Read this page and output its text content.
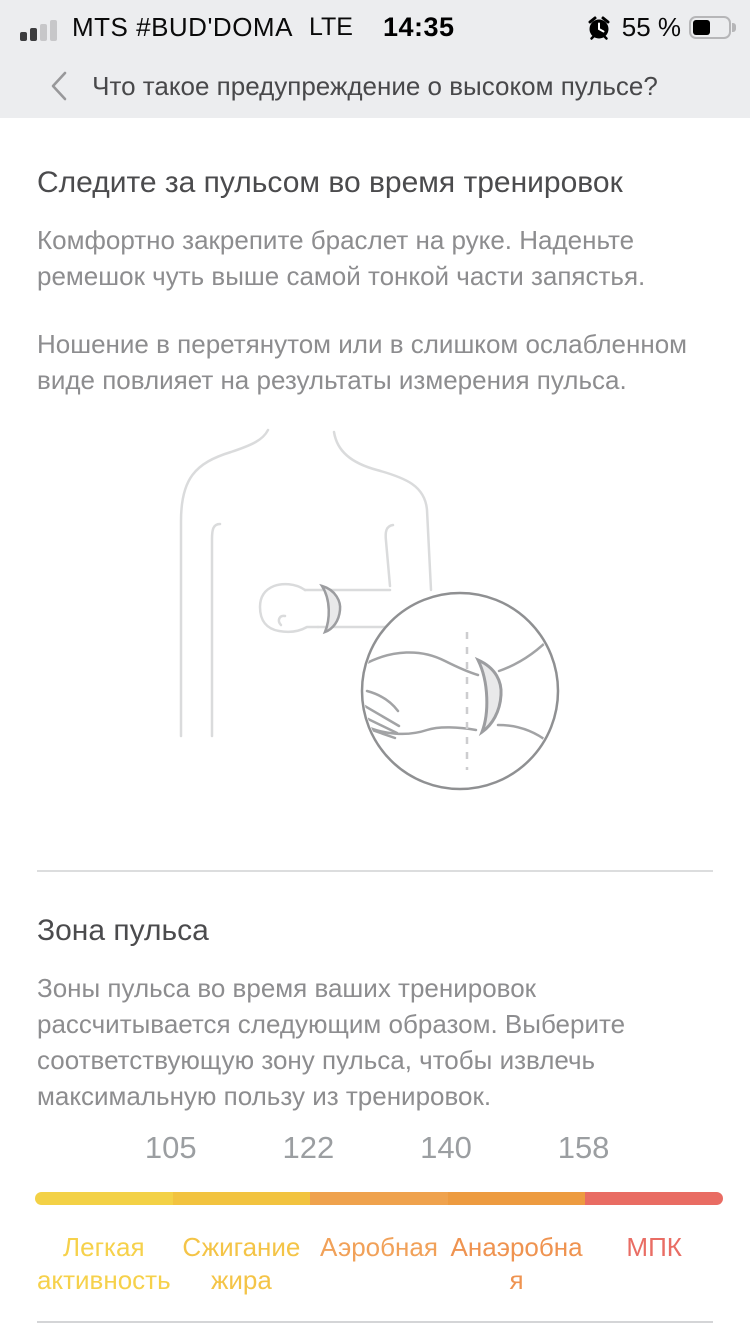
MTS #BUD'DOMA LTE 14:35	55 %
Что такое предупреждение о высоком пульсе?
Следите за пульсом во время тренировок

Комфортно закрепите браслет на руке. Наденьте ремешок чуть выше самой тонкой части запястья.

Ношение в перетянутом или в слишком ослабленном виде повлияет на результаты измерения пульса.

Зона пульса

Зоны пульса во время ваших тренировок рассчитывается следующим образом. Выберите соответствующую зону пульса, чтобы извлечь максимальную пользу из тренировок.

105	122	140	158
Легкая активность
Сжигание жира
Аэробная Анаэробная
МПК
